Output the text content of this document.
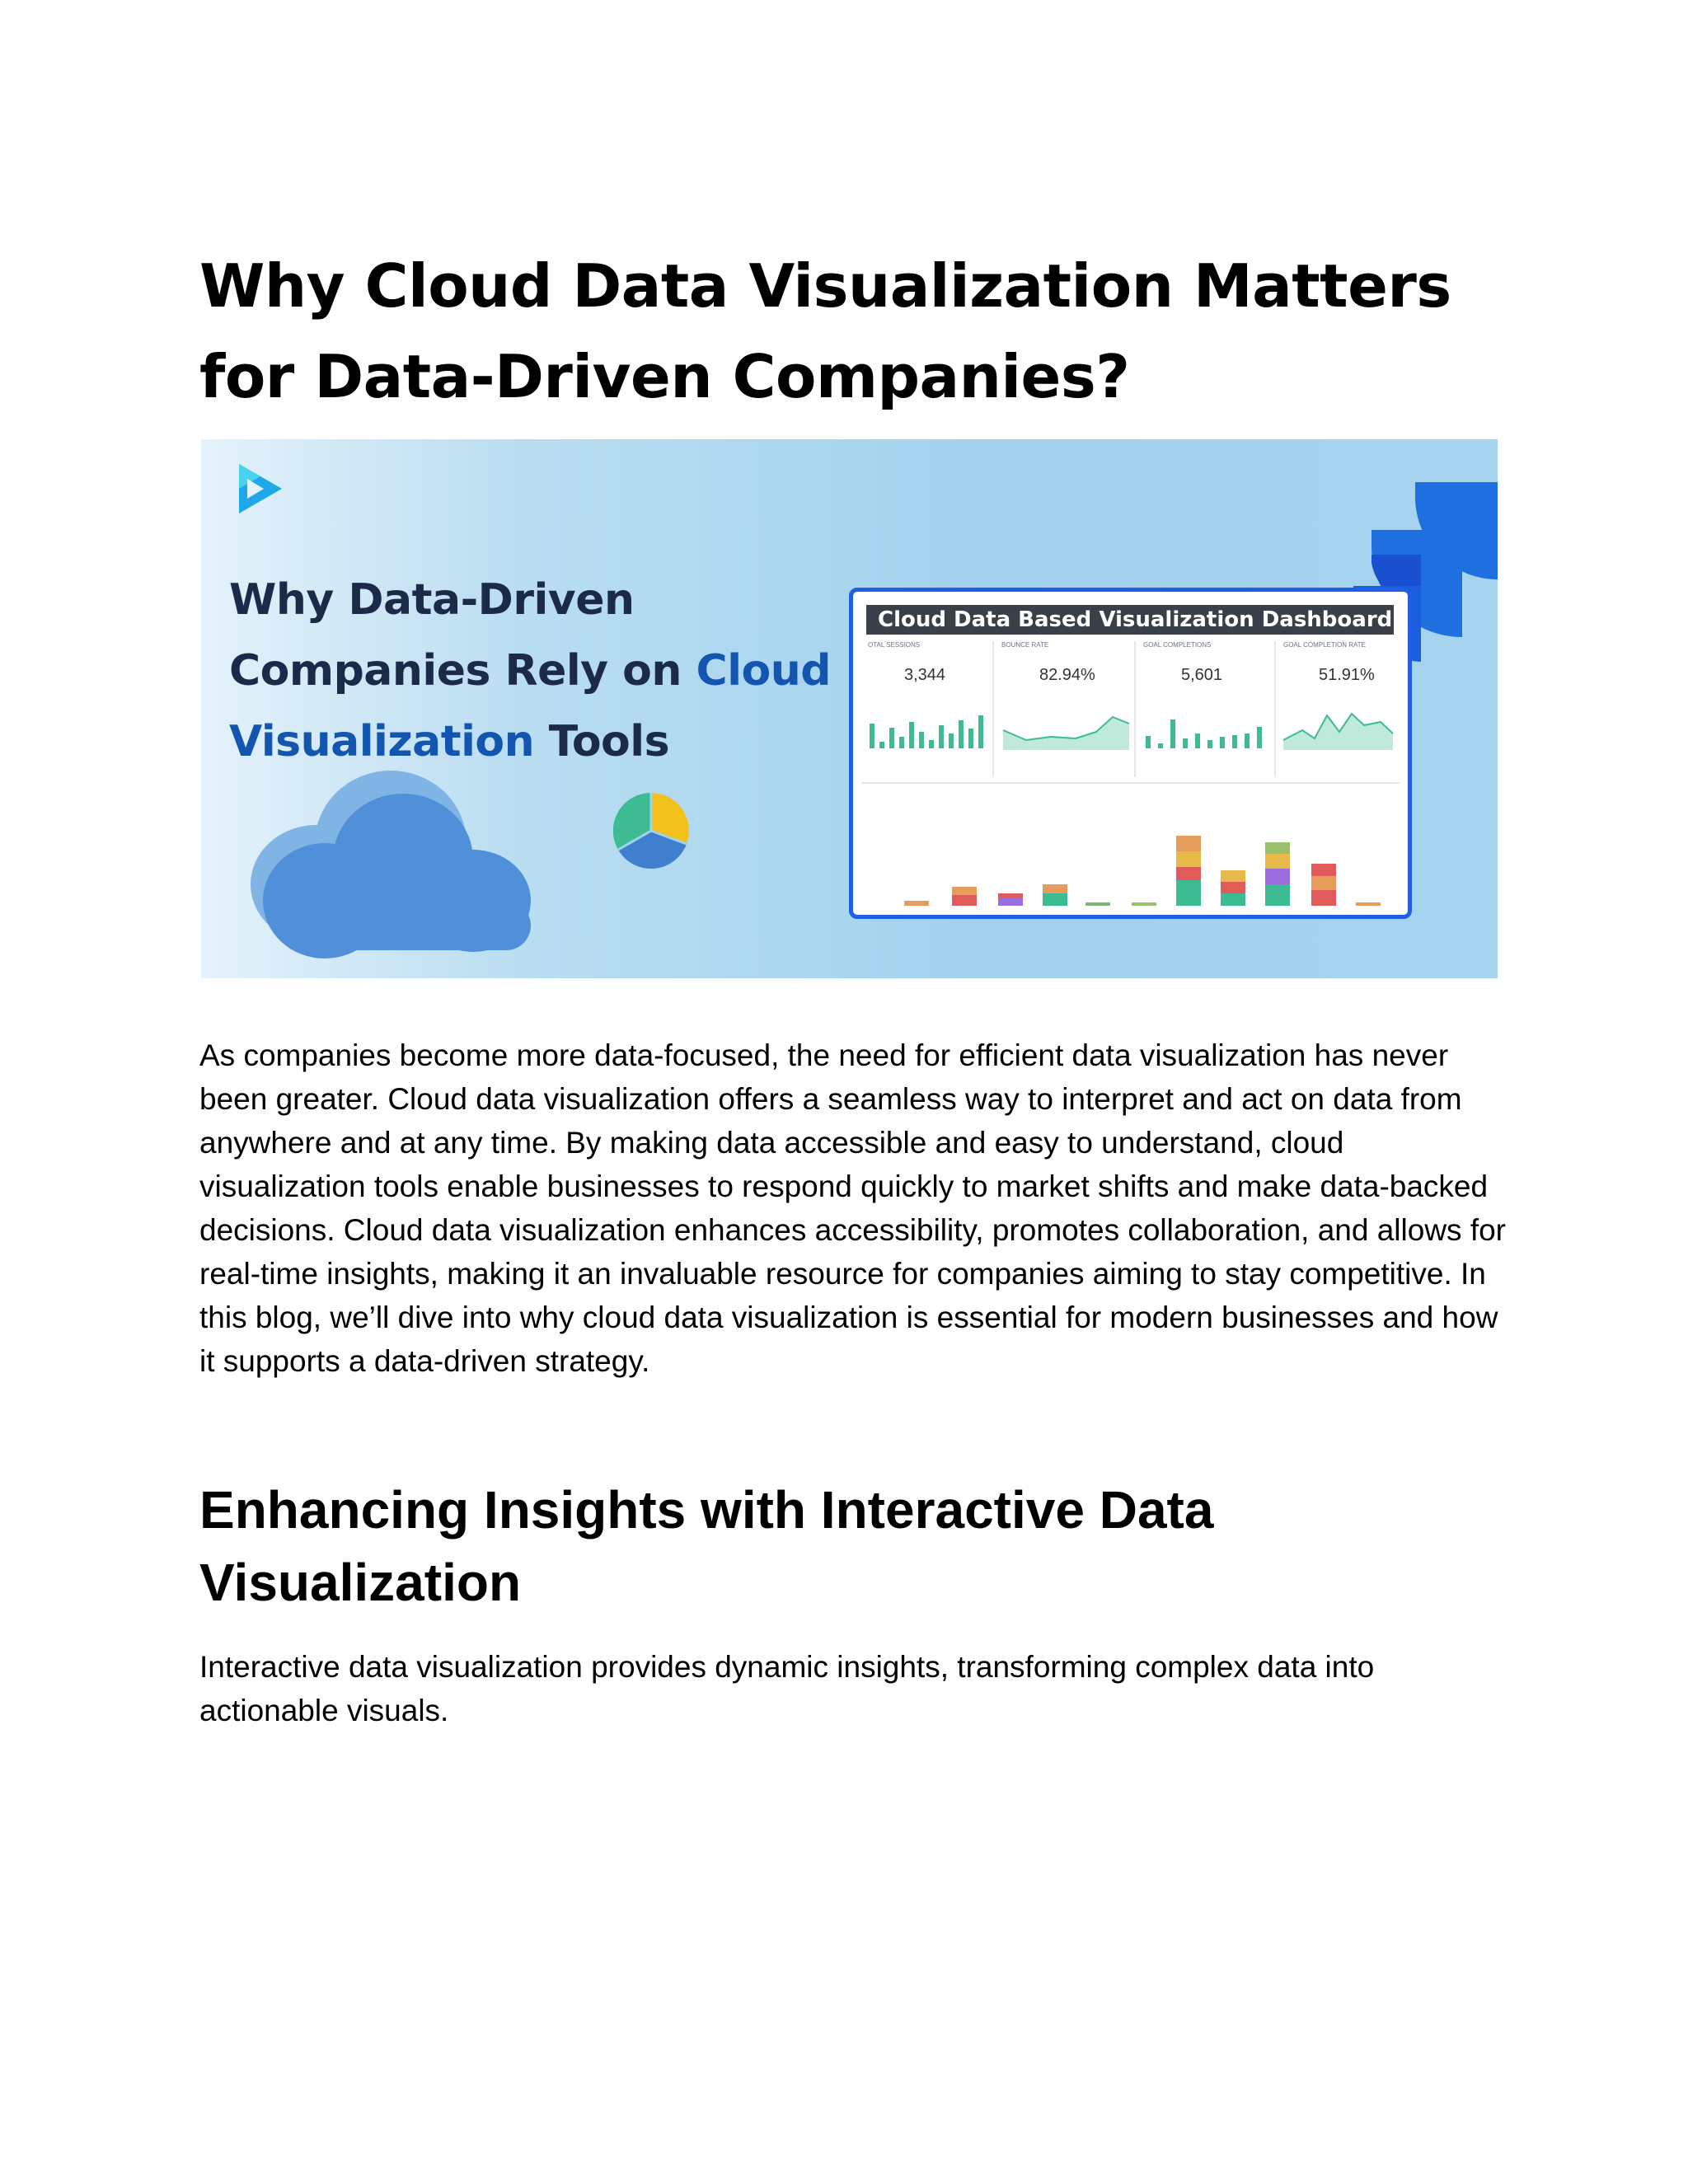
Why Cloud Data Visualization Matters for Data-Driven Companies?

Why Data-Driven Companies Rely on Cloud Visualization Tools

Cloud Data Based Visualization Dashboard
OTAL SESSIONS
3,344
BOUNCE RATE
82.94%
GOAL COMPLETIONS
5,601
GOAL COMPLETION RATE
51.91%

As companies become more data-focused, the need for efficient data visualization has never been greater. Cloud data visualization offers a seamless way to interpret and act on data from anywhere and at any time. By making data accessible and easy to understand, cloud visualization tools enable businesses to respond quickly to market shifts and make data-backed decisions. Cloud data visualization enhances accessibility, promotes collaboration, and allows for real-time insights, making it an invaluable resource for companies aiming to stay competitive. In this blog, we’ll dive into why cloud data visualization is essential for modern businesses and how it supports a data-driven strategy.

Enhancing Insights with Interactive Data Visualization

Interactive data visualization provides dynamic insights, transforming complex data into actionable visuals.
